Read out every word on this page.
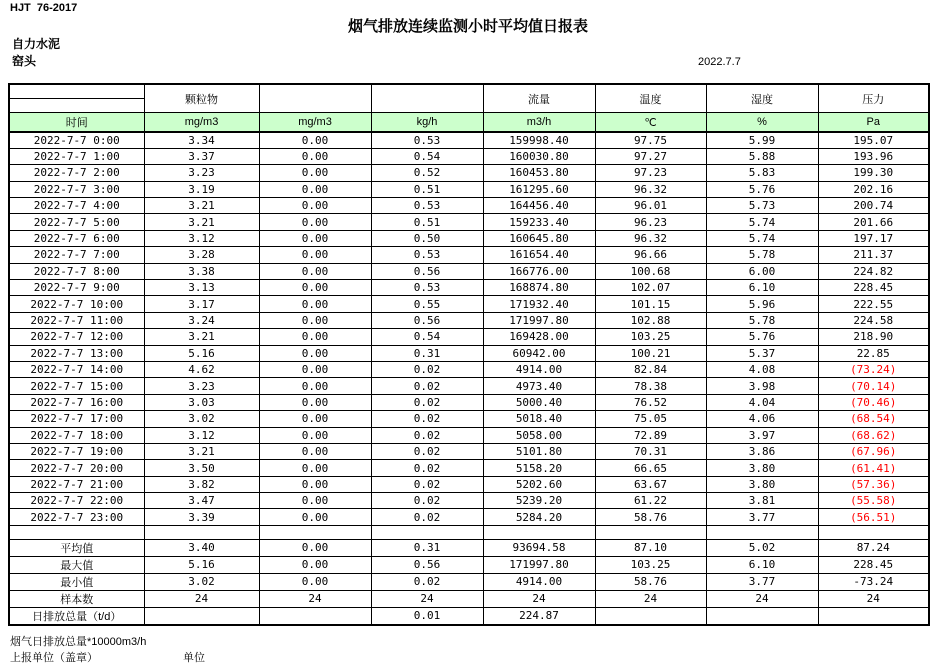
HJT  76-2017
烟气排放连续监测小时平均值日报表
自力水泥
窑头	2022.7.7
	颗粒物			流量	温度	湿度	压力

时间	mg/m3	mg/m3	kg/h	m3/h	℃	%	Pa
2022-7-7 0:00	3.34	0.00	0.53	159998.40	97.75	5.99	195.07
2022-7-7 1:00	3.37	0.00	0.54	160030.80	97.27	5.88	193.96
2022-7-7 2:00	3.23	0.00	0.52	160453.80	97.23	5.83	199.30
2022-7-7 3:00	3.19	0.00	0.51	161295.60	96.32	5.76	202.16
2022-7-7 4:00	3.21	0.00	0.53	164456.40	96.01	5.73	200.74
2022-7-7 5:00	3.21	0.00	0.51	159233.40	96.23	5.74	201.66
2022-7-7 6:00	3.12	0.00	0.50	160645.80	96.32	5.74	197.17
2022-7-7 7:00	3.28	0.00	0.53	161654.40	96.66	5.78	211.37
2022-7-7 8:00	3.38	0.00	0.56	166776.00	100.68	6.00	224.82
2022-7-7 9:00	3.13	0.00	0.53	168874.80	102.07	6.10	228.45
2022-7-7 10:00	3.17	0.00	0.55	171932.40	101.15	5.96	222.55
2022-7-7 11:00	3.24	0.00	0.56	171997.80	102.88	5.78	224.58
2022-7-7 12:00	3.21	0.00	0.54	169428.00	103.25	5.76	218.90
2022-7-7 13:00	5.16	0.00	0.31	60942.00	100.21	5.37	22.85
2022-7-7 14:00	4.62	0.00	0.02	4914.00	82.84	4.08	(73.24)
2022-7-7 15:00	3.23	0.00	0.02	4973.40	78.38	3.98	(70.14)
2022-7-7 16:00	3.03	0.00	0.02	5000.40	76.52	4.04	(70.46)
2022-7-7 17:00	3.02	0.00	0.02	5018.40	75.05	4.06	(68.54)
2022-7-7 18:00	3.12	0.00	0.02	5058.00	72.89	3.97	(68.62)
2022-7-7 19:00	3.21	0.00	0.02	5101.80	70.31	3.86	(67.96)
2022-7-7 20:00	3.50	0.00	0.02	5158.20	66.65	3.80	(61.41)
2022-7-7 21:00	3.82	0.00	0.02	5202.60	63.67	3.80	(57.36)
2022-7-7 22:00	3.47	0.00	0.02	5239.20	61.22	3.81	(55.58)
2022-7-7 23:00	3.39	0.00	0.02	5284.20	58.76	3.77	(56.51)

平均值	3.40	0.00	0.31	93694.58	87.10	5.02	87.24
最大值	5.16	0.00	0.56	171997.80	103.25	6.10	228.45
最小值	3.02	0.00	0.02	4914.00	58.76	3.77	-73.24
样本数	24	24	24	24	24	24	24
日排放总量（t/d）			0.01	224.87			
烟气日排放总量*10000m3/h
上报单位（盖章）	单位
